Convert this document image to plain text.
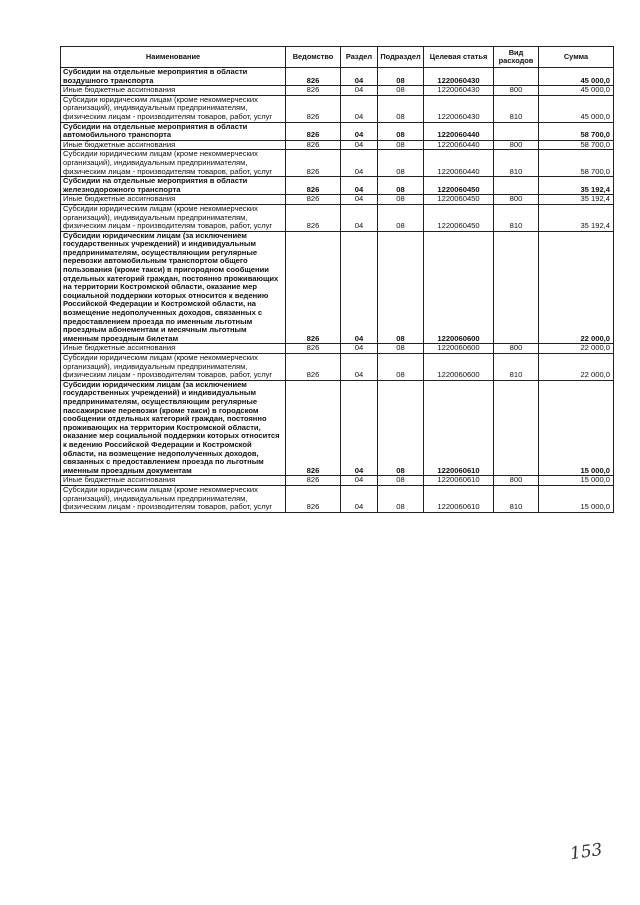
Наименование	Ведомство	Раздел	Подраздел	Целевая статья	Вид расходов	Сумма
Субсидии на отдельные мероприятия в области воздушного транспорта	826	04	08	1220060430		45 000,0
Иные бюджетные ассигнования	826	04	08	1220060430	800	45 000,0
Субсидии юридическим лицам (кроме некоммерческих организаций), индивидуальным предпринимателям, физическим лицам - производителям товаров, работ, услуг	826	04	08	1220060430	810	45 000,0
Субсидии на отдельные мероприятия в области автомобильного транспорта	826	04	08	1220060440		58 700,0
Иные бюджетные ассигнования	826	04	08	1220060440	800	58 700,0
Субсидии юридическим лицам (кроме некоммерческих организаций), индивидуальным предпринимателям, физическим лицам - производителям товаров, работ, услуг	826	04	08	1220060440	810	58 700,0
Субсидии на отдельные мероприятия в области железнодорожного транспорта	826	04	08	1220060450		35 192,4
Иные бюджетные ассигнования	826	04	08	1220060450	800	35 192,4
Субсидии юридическим лицам (кроме некоммерческих организаций), индивидуальным предпринимателям, физическим лицам - производителям товаров, работ, услуг	826	04	08	1220060450	810	35 192,4
Субсидии юридическим лицам (за исключением государственных учреждений) и индивидуальным предпринимателям, осуществляющим регулярные перевозки автомобильным транспортом общего пользования (кроме такси) в пригородном сообщении отдельных категорий граждан, постоянно проживающих на территории Костромской области, оказание мер социальной поддержки которых относится к ведению Российской Федерации и Костромской области, на возмещение недополученных доходов, связанных с предоставлением проезда по именным льготным проездным абонементам и месячным льготным именным проездным билетам	826	04	08	1220060600		22 000,0
Иные бюджетные ассигнования	826	04	08	1220060600	800	22 000,0
Субсидии юридическим лицам (кроме некоммерческих организаций), индивидуальным предпринимателям, физическим лицам - производителям товаров, работ, услуг	826	04	08	1220060600	810	22 000,0
Субсидии юридическим лицам (за исключением государственных учреждений) и индивидуальным предпринимателям, осуществляющим регулярные пассажирские перевозки (кроме такси) в городском сообщении отдельных категорий граждан, постоянно проживающих на территории Костромской области, оказание мер социальной поддержки которых относится к ведению Российской Федерации и Костромской области, на возмещение недополученных доходов, связанных с предоставлением проезда по льготным именным проездным документам	826	04	08	1220060610		15 000,0
Иные бюджетные ассигнования	826	04	08	1220060610	800	15 000,0
Субсидии юридическим лицам (кроме некоммерческих организаций), индивидуальным предпринимателям, физическим лицам - производителям товаров, работ, услуг	826	04	08	1220060610	810	15 000,0
153
